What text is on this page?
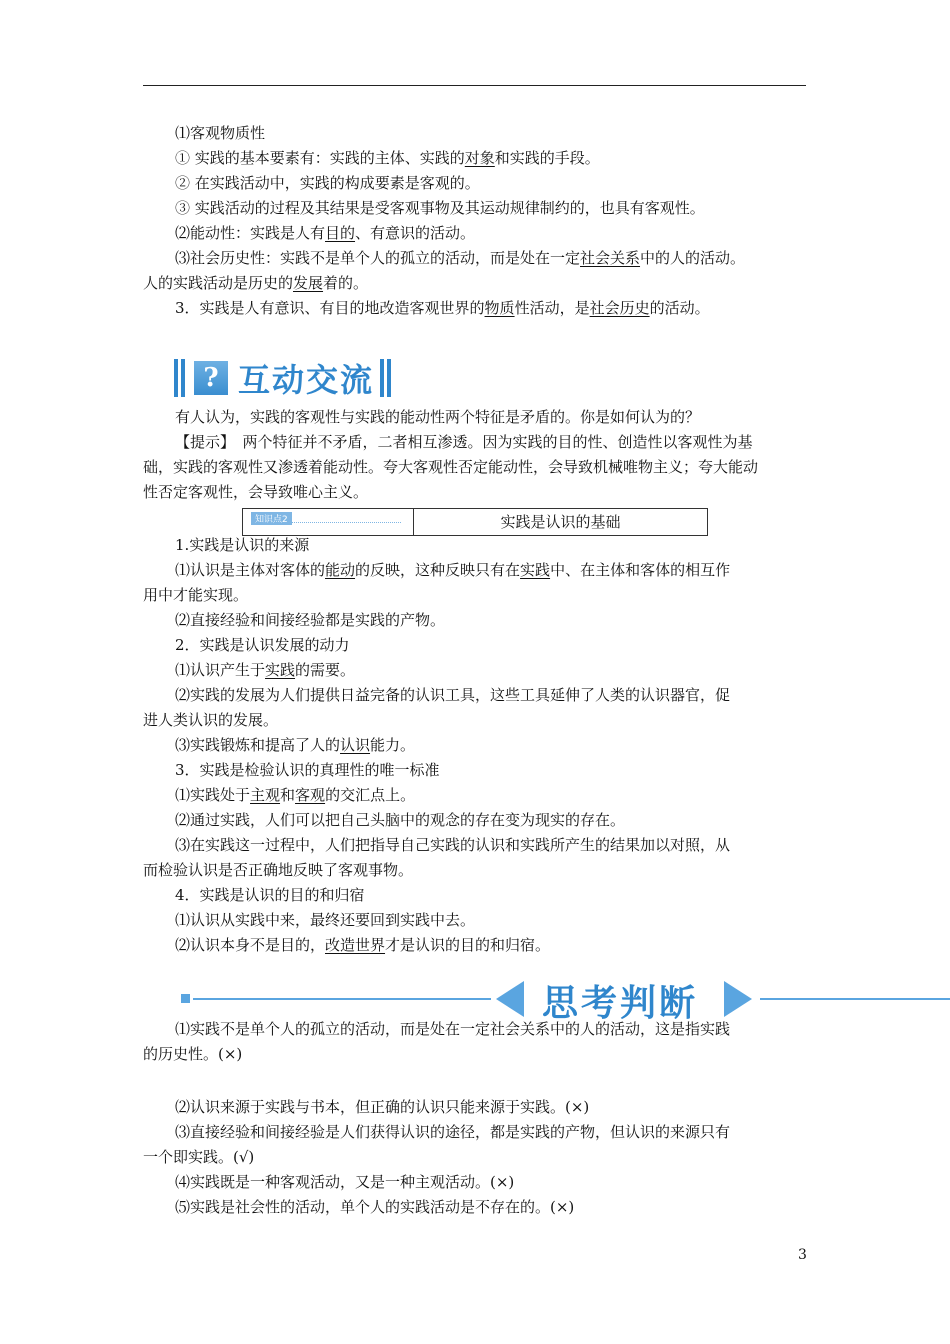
⑴客观物质性
① 实践的基本要素有：实践的主体、实践的对象和实践的手段。
② 在实践活动中，实践的构成要素是客观的。
③ 实践活动的过程及其结果是受客观事物及其运动规律制约的，也具有客观性。
⑵能动性：实践是人有目的、有意识的活动。
⑶社会历史性：实践不是单个人的孤立的活动，而是处在一定社会关系中的人的活动。
人的实践活动是历史的发展着的。
3．实践是人有意识、有目的地改造客观世界的物质性活动，是社会历史的活动。
? 互动交流
有人认为，实践的客观性与实践的能动性两个特征是矛盾的。你是如何认为的？
【提示】　两个特征并不矛盾，二者相互渗透。因为实践的目的性、创造性以客观性为基
础，实践的客观性又渗透着能动性。夸大客观性否定能动性，会导致机械唯物主义；夸大能动
性否定客观性，会导致唯心主义。
知识点2	实践是认识的基础
1.实践是认识的来源
⑴认识是主体对客体的能动的反映，这种反映只有在实践中、在主体和客体的相互作
用中才能实现。
⑵直接经验和间接经验都是实践的产物。
2．实践是认识发展的动力
⑴认识产生于实践的需要。
⑵实践的发展为人们提供日益完备的认识工具，这些工具延伸了人类的认识器官，促
进人类认识的发展。
⑶实践锻炼和提高了人的认识能力。
3．实践是检验认识的真理性的唯一标准
⑴实践处于主观和客观的交汇点上。
⑵通过实践，人们可以把自己头脑中的观念的存在变为现实的存在。
⑶在实践这一过程中，人们把指导自己实践的认识和实践所产生的结果加以对照，从
而检验认识是否正确地反映了客观事物。
4．实践是认识的目的和归宿
⑴认识从实践中来，最终还要回到实践中去。
⑵认识本身不是目的，改造世界才是认识的目的和归宿。
思考判断
⑴实践不是单个人的孤立的活动，而是处在一定社会关系中的人的活动，这是指实践
的历史性。(×)
⑵认识来源于实践与书本，但正确的认识只能来源于实践。(×)
⑶直接经验和间接经验是人们获得认识的途径，都是实践的产物，但认识的来源只有
一个即实践。(√)
⑷实践既是一种客观活动，又是一种主观活动。(×)
⑸实践是社会性的活动，单个人的实践活动是不存在的。(×)
3
